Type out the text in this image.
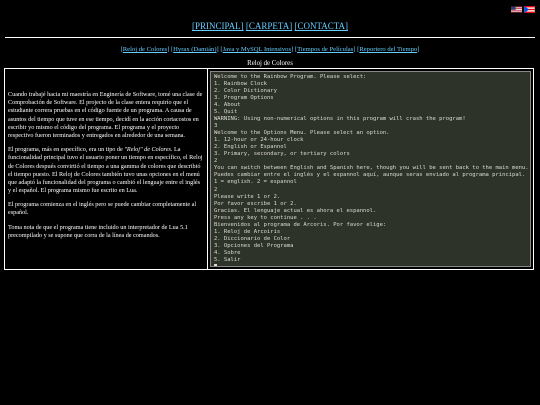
[PRINCIPAL] [CARPETA] [CONTACTA]
[Reloj de Colores] [Hyrax (Damián)] [Java y MySQL Intensivos] [Tiempos de Películas] [Reportero del Tiempo]
Reloj de Colores

Cuando trabajé hacia mi maestría en Enginería de Software, tomé una clase de Comprobación de Software. El projecto de la clase entera requirío que el estudiante correra pruebas en el código fuente de un programa. A causa de asuntos del tiempo que tuve en ese tiempo, decidí en la acción cortacostos en escribir yo mismo el código del programa. El programa y el proyecto respectivo fueron terminados y entregados en alrededor de una semana.

El programa, más en específico, era un tipo de "Reloj" de Colores. La funcionalidad principal tuvo el usuario poner un tiempo en específico, el Reloj de Colores después convirtió el tiempo a una gamma de colores que describió el tiempo puesto. El Reloj de Colores también tuvo unas opciones en el menú que adaptó la funcionalidad del programa o cambió el lenguaje entre el inglés y el español. El programa mismo fue escrito en Lua.

El programa comienza en el inglés pero se puede cambiar completamente al español.

Toma nota de que el programa tiene incluido un interpretador de Lua 5.1 precompilado y se supone que corra de la línea de comandos.

Welcome to the Rainbow Program. Please select:
1. Rainbow Clock
2. Color Dictionary
3. Program Options
4. About
5. Quit
WARNING: Using non-numerical options in this program will crash the program!
3
Welcome to the Options Menu. Please select an option.
1. 12-hour or 24-hour clock
2. English or Espannol
3. Primary, secondary, or tertiary colors
2
You can switch between English and Spanish here, though you will be sent back to the main menu.
Puedes cambiar entre el inglés y el espannol aquí, aunque seras enviado al programa principal.
1 = english. 2 = espannol
2
Please write 1 or 2.
Por favor escribe 1 or 2.
Gracias. El lenguaje actual es ahora el espannol.
Press any key to continue . . .
Bienvenidos al programa de Arcoris. Por favor elige:
1. Reloj de Arcoiris
2. Diccionario de Color
3. Opciones del Programa
4. Sobre
5. Salir
